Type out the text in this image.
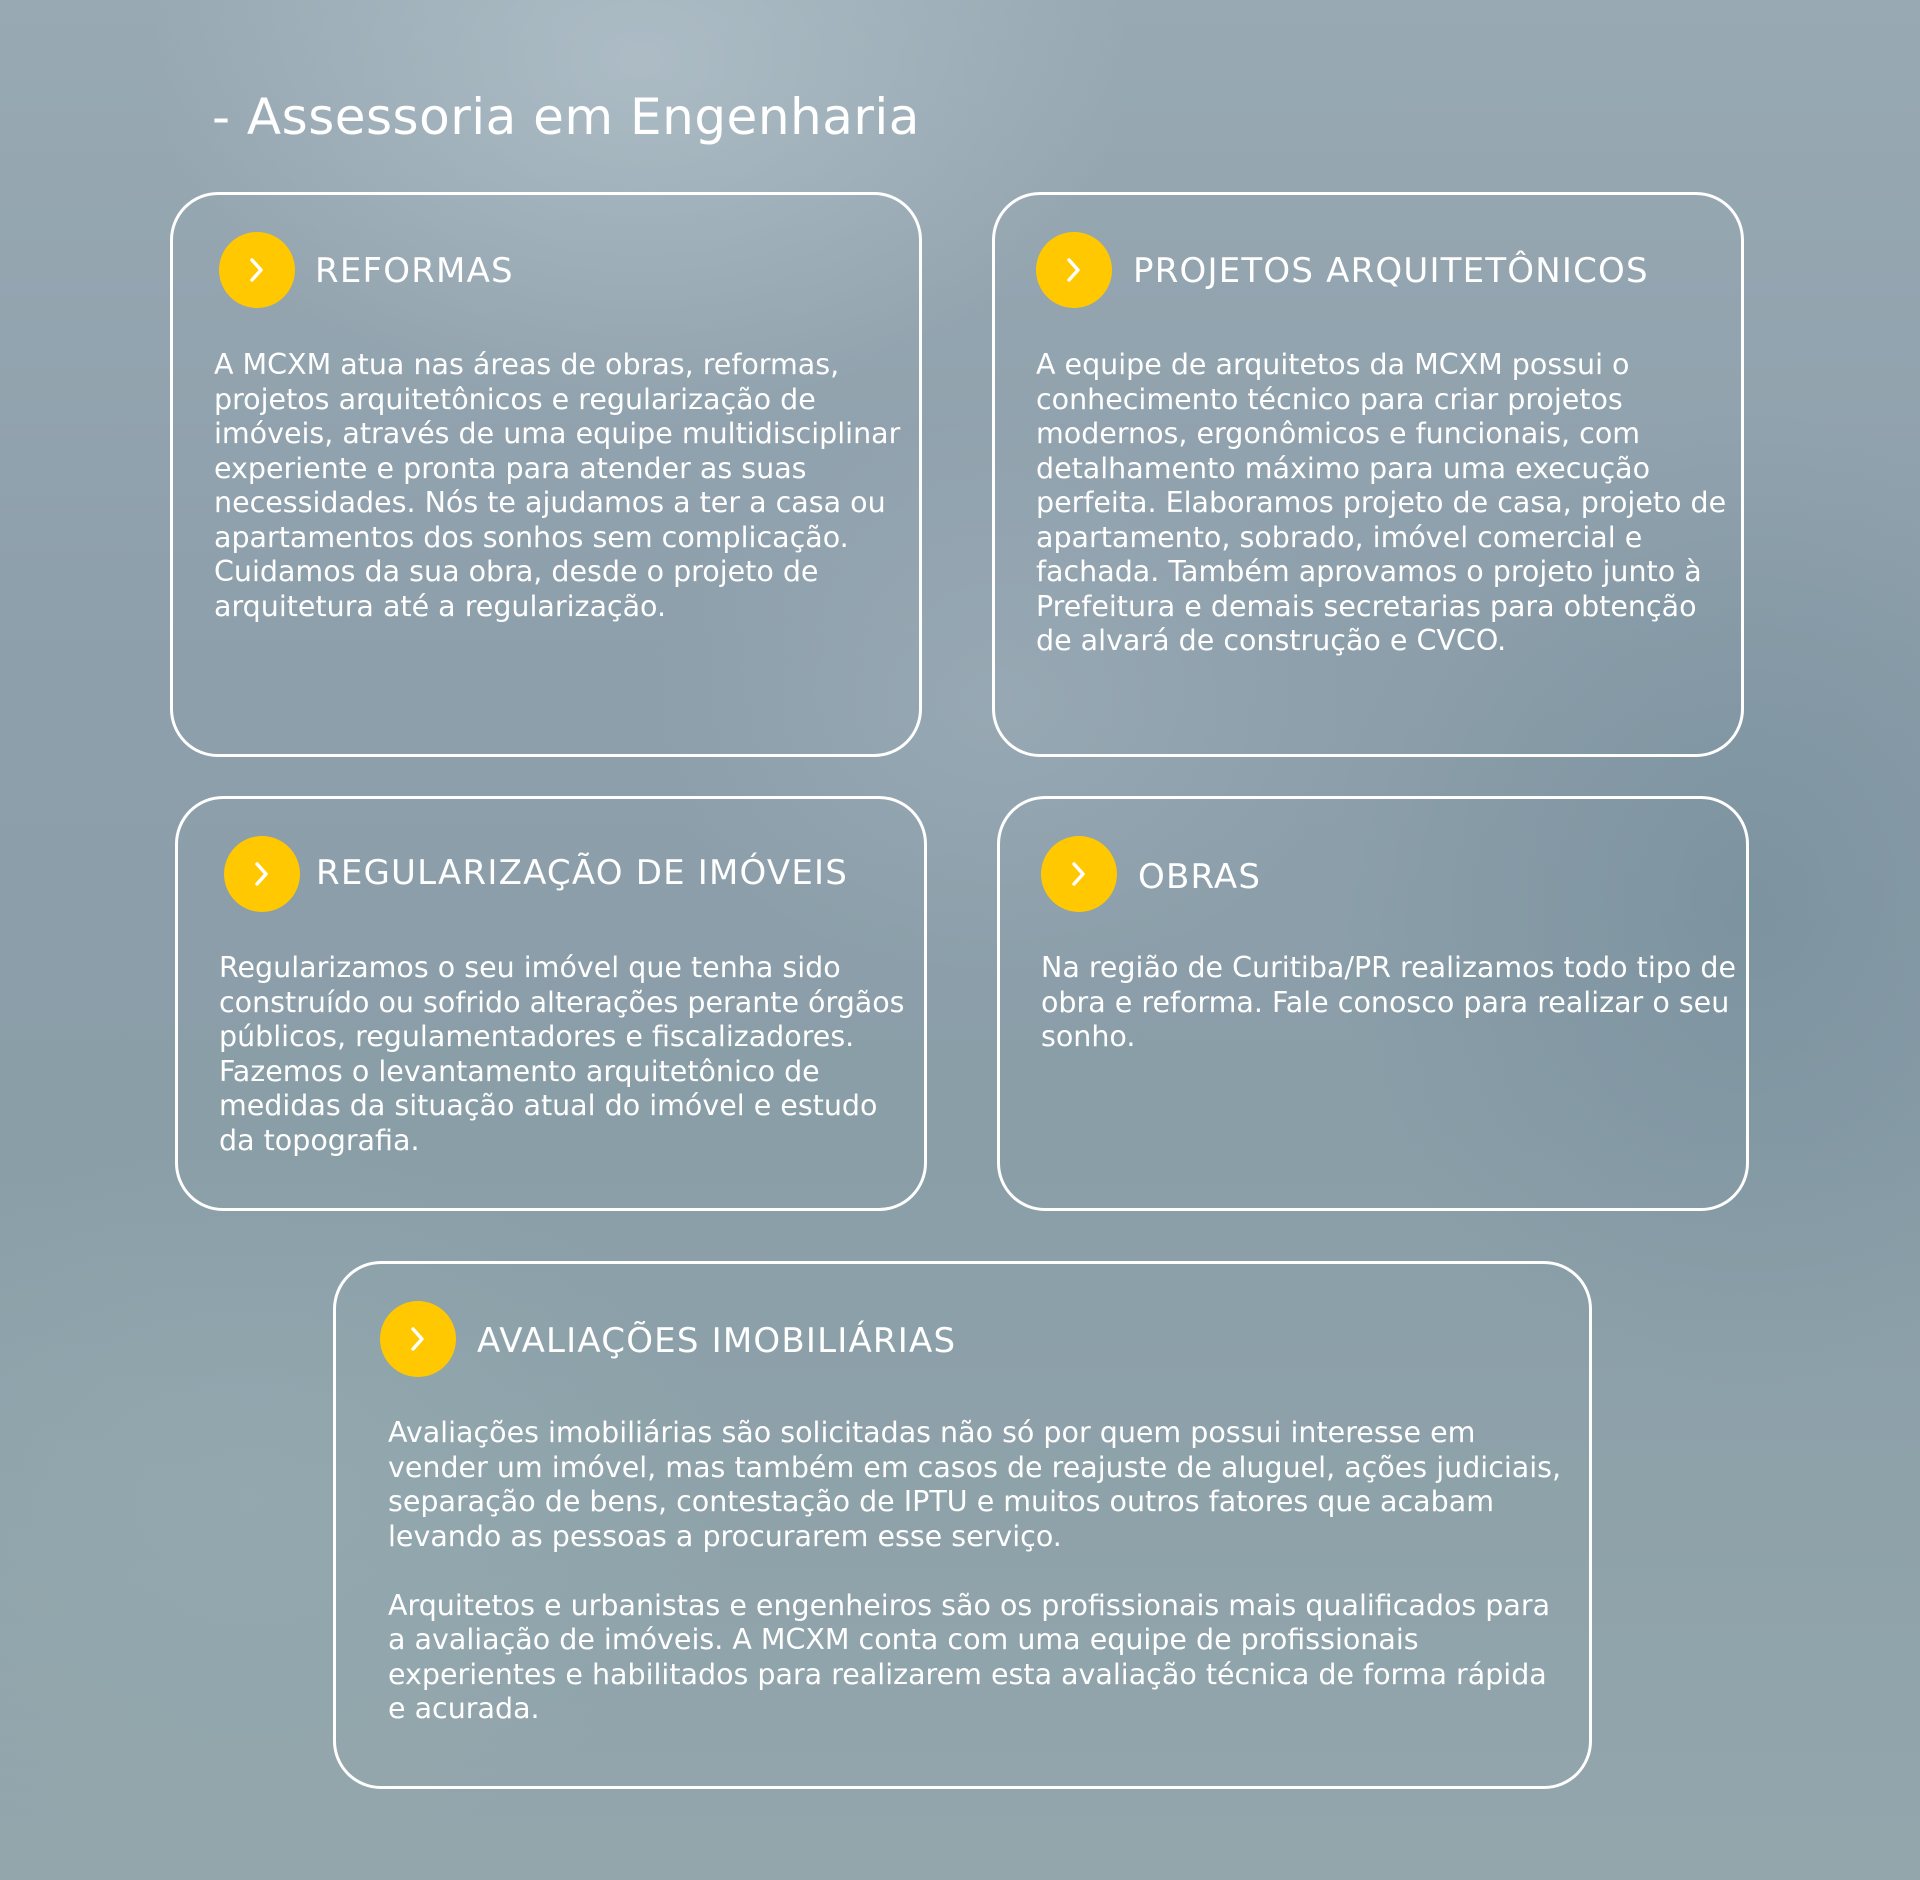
- Assessoria em Engenharia
REFORMAS

A MCXM atua nas áreas de obras, reformas, projetos arquitetônicos e regularização de imóveis, através de uma equipe multidisciplinar experiente e pronta para atender as suas necessidades. Nós te ajudamos a ter a casa ou apartamentos dos sonhos sem complicação. Cuidamos da sua obra, desde o projeto de arquitetura até a regularização.

PROJETOS ARQUITETÔNICOS

A equipe de arquitetos da MCXM possui o conhecimento técnico para criar projetos modernos, ergonômicos e funcionais, com detalhamento máximo para uma execução perfeita. Elaboramos projeto de casa, projeto de apartamento, sobrado, imóvel comercial e fachada. Também aprovamos o projeto junto à Prefeitura e demais secretarias para obtenção de alvará de construção e CVCO.

REGULARIZAÇÃO DE IMÓVEIS

Regularizamos o seu imóvel que tenha sido construído ou sofrido alterações perante órgãos públicos, regulamentadores e fiscalizadores. Fazemos o levantamento arquitetônico de medidas da situação atual do imóvel e estudo da topografia.

OBRAS

Na região de Curitiba/PR realizamos todo tipo de obra e reforma. Fale conosco para realizar o seu sonho.

AVALIAÇÕES IMOBILIÁRIAS

Avaliações imobiliárias são solicitadas não só por quem possui interesse em vender um imóvel, mas também em casos de reajuste de aluguel, ações judiciais, separação de bens, contestação de IPTU e muitos outros fatores que acabam levando as pessoas a procurarem esse serviço.

Arquitetos e urbanistas e engenheiros são os profissionais mais qualificados para a avaliação de imóveis. A MCXM conta com uma equipe de profissionais experientes e habilitados para realizarem esta avaliação técnica de forma rápida e acurada.
